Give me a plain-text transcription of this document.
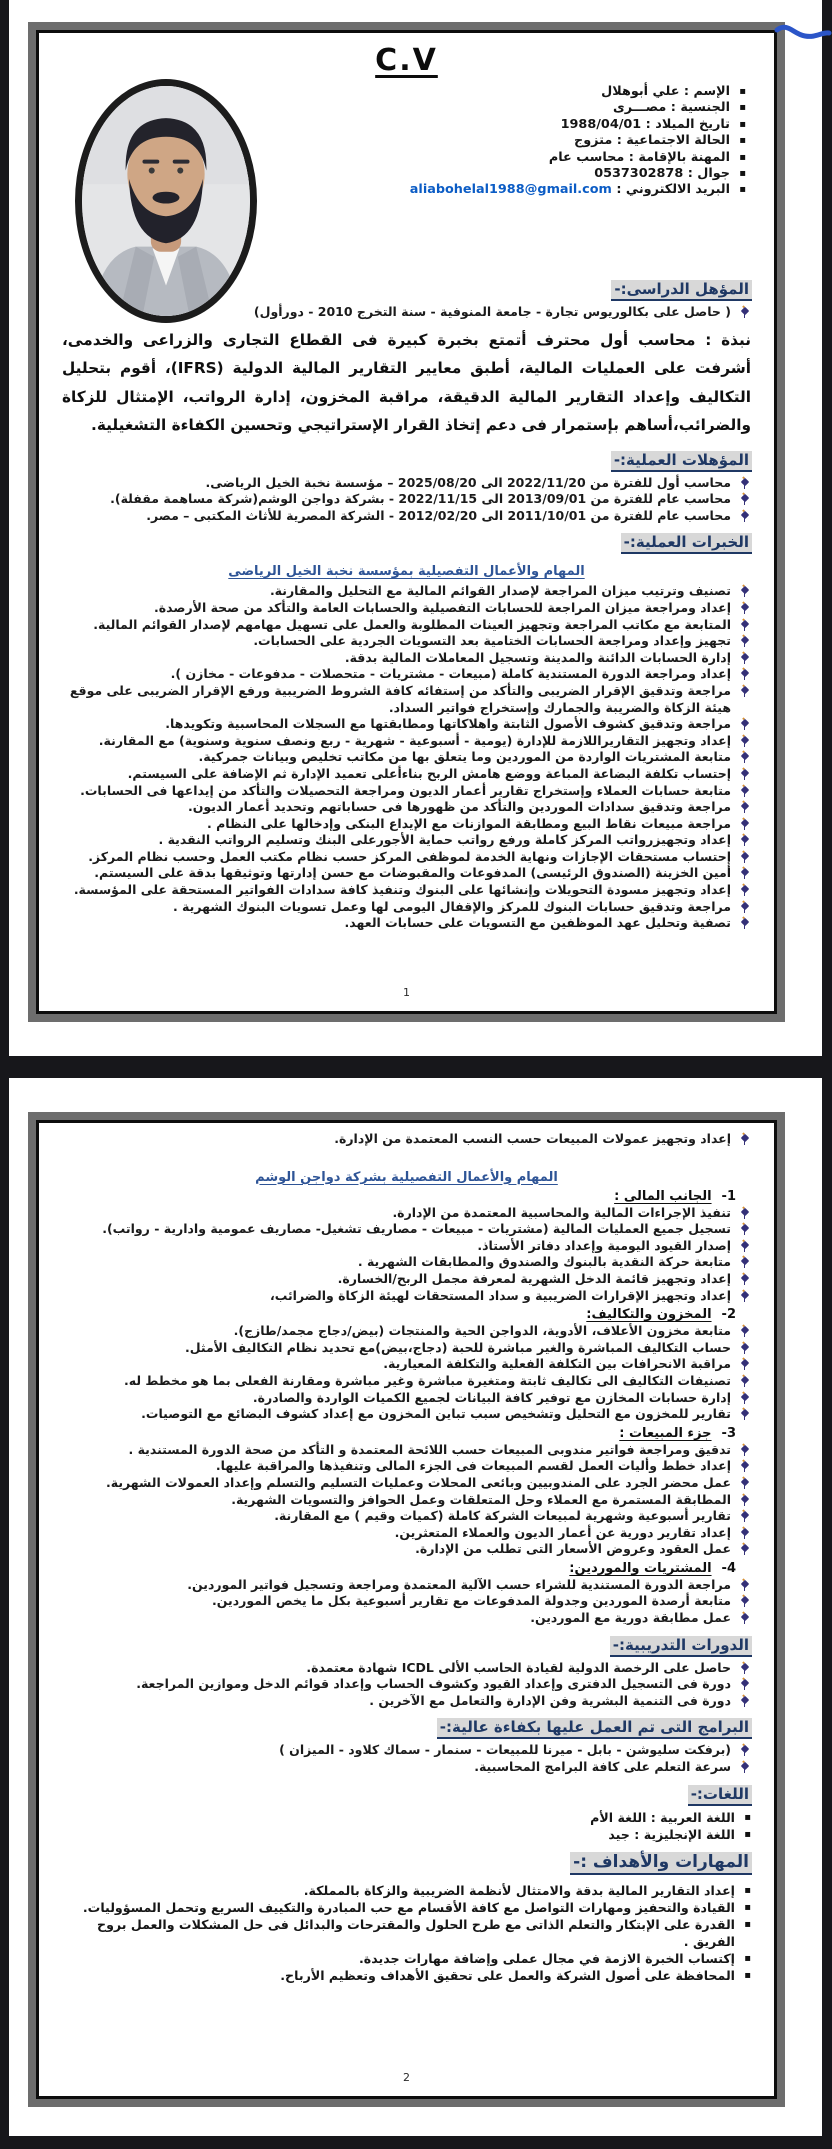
C.V
▪ الإسم : علي أبوهلال
▪ الجنسية : مصـــرى
▪ تاريخ الميلاد : 1988/04/01
▪ الحالة الاجتماعية : متزوج
▪ المهنة بالإقامة : محاسب عام
▪ جوال : 0537302878
▪ البريد الالكتروني : aliabohelal1988@gmail.com
المؤهل الدراسى:-
( حاصل على بكالوريوس تجارة - جامعة المنوفية - سنة التخرج 2010 - دورأول)

نبذة : محاسب أول محترف أتمتع بخبرة كبيرة فى القطاع التجارى والزراعى والخدمى، أشرفت على العمليات المالية، أطبق معايير التقارير المالية الدولية (IFRS)، أقوم بتحليل التكاليف وإعداد التقارير المالية الدقيقة، مراقبة المخزون، إدارة الرواتب، الإمتثال للزكاة والضرائب،أساهم بإستمرار فى دعم إتخاذ القرار الإستراتيجي وتحسين الكفاءة التشغيلية.

المؤهلات العملية:-
محاسب أول للفترة من 2022/11/20 الى 2025/08/20 – مؤسسة نخبة الخيل الرياضى.
محاسب عام للفترة من 2013/09/01 الى 2022/11/15 - بشركة دواجن الوشم(شركة مساهمة مقفلة).
محاسب عام للفترة من 2011/10/01 الى 2012/02/20 - الشركة المصرية للأثاث المكتبى – مصر.
الخبرات العملية:-
المهام والأعمال التفصيلية بمؤسسة نخبة الخيل الرياضى
تصنيف وترتيب ميزان المراجعة لإصدار القوائم المالية مع التحليل والمقارنة.
إعداد ومراجعة ميزان المراجعة للحسابات التفصيلية والحسابات العامة والتأكد من صحة الأرصدة.
المتابعة مع مكاتب المراجعة وتجهيز العينات المطلوبة والعمل على تسهيل مهامهم لإصدار القوائم المالية.
تجهيز وإعداد ومراجعة الحسابات الختامية بعد التسويات الجردية على الحسابات.
إدارة الحسابات الدائنة والمدينة وتسجيل المعاملات المالية بدقة.
إعداد ومراجعة الدورة المستندية كاملة (مبيعات - مشتريات - متحصلات - مدفوعات - مخازن ).
مراجعة وتدقيق الإقرار الضريبى والتأكد من إستفائه كافة الشروط الضريبية ورفع الإقرار الضريبى على موقع هيئة الزكاة والضريبة والجمارك وإستخراج فواتير السداد.
مراجعة وتدقيق كشوف الأصول الثابتة واهلاكاتها ومطابقتها مع السجلات المحاسبية وتكويدها.
إعداد وتجهيز التقاريراللازمة للإدارة (يومية - أسبوعية - شهرية - ربع ونصف سنوية وسنوية) مع المقارنة.
متابعة المشتريات الواردة من الموردين وما يتعلق بها من مكاتب تخليص وبيانات جمركية.
إحتساب تكلفة البضاعة المباعة ووضع هامش الربح بناءأعلى تعميد الإدارة ثم الإضافة على السيستم.
متابعة حسابات العملاء وإستخراج تقارير أعمار الديون ومراجعة التحصيلات والتأكد من إيداعها فى الحسابات.
مراجعة وتدقيق سدادات الموردين والتأكد من ظهورها فى حساباتهم وتحديد أعمار الديون.
مراجعة مبيعات نقاط البيع ومطابقة الموازنات مع الإيداع البنكى وإدخالها على النظام .
إعداد وتجهيزرواتب المركز كاملة ورفع رواتب حماية الأجورعلى البنك وتسليم الرواتب النقدية .
إحتساب مستحقات الإجازات ونهاية الخدمة لموظفى المركز حسب نظام مكتب العمل وحسب نظام المركز.
أمين الخزينة (الصندوق الرئيسى) المدفوعات والمقبوضات مع حسن إدارتها وتوثيقها بدقة على السيستم.
إعداد وتجهيز مسودة التحويلات وإنشائها على البنوك وتنفيذ كافة سدادات الفواتير المستحقة على المؤسسة.
مراجعة وتدقيق حسابات البنوك للمركز والإقفال اليومى لها وعمل تسويات البنوك الشهرية .
تصفية وتحليل عهد الموظفين مع التسويات على حسابات العهد.
1
إعداد وتجهيز عمولات المبيعات حسب النسب المعتمدة من الإدارة.
المهام والأعمال التفصيلية بشركة دواجن الوشم
1-الجانب المالى :
تنفيذ الإجراءات المالية والمحاسبية المعتمدة من الإدارة.
تسجيل جميع العمليات المالية (مشتريات - مبيعات - مصاريف تشغيل- مصاريف عمومية وادارية - رواتب).
إصدار القيود اليومية وإعداد دفاتر الأستاذ.
متابعة حركة النقدية بالبنوك والصندوق والمطابقات الشهرية .
إعداد وتجهيز قائمة الدخل الشهرية لمعرفة مجمل الربح/الخسارة.
إعداد وتجهيز الإقرارات الضريبية و سداد المستحقات لهيئة الزكاة والضرائب،
2-المخزون والتكاليف:
متابعة مخزون الأعلاف، الأدوية، الدواجن الحية والمنتجات (بيض/دجاج مجمد/طازج).
حساب التكاليف المباشرة والغير مباشرة للحبة (دجاج،بيض)مع تحديد نظام التكاليف الأمثل.
مراقبة الانحرافات بين التكلفة الفعلية والتكلفة المعيارية.
تصنيفات التكاليف الى تكاليف ثابتة ومتغيرة مباشرة وغير مباشرة ومقارنة الفعلى بما هو مخطط له.
إدارة حسابات المخازن مع توفير كافة البيانات لجميع الكميات الواردة والصادرة.
تقارير للمخزون مع التحليل وتشخيص سبب تباين المخزون مع إعداد كشوف البضائع مع التوصيات.
3-جزء المبيعات :
تدقيق ومراجعة فواتير مندوبى المبيعات حسب اللائحة المعتمدة و التأكد من صحة الدورة المستندية .
إعداد خطط وأليات العمل لقسم المبيعات فى الجزء المالى وتنفيذها والمراقبة عليها.
عمل محضر الجرد على المندوبيين وبائعى المحلات وعمليات التسليم والتسلم وإعداد العمولات الشهرية.
المطابقة المستمرة مع العملاء وحل المتعلقات وعمل الحوافز والتسويات الشهرية.
تقارير أسبوعية وشهرية لمبيعات الشركة كاملة (كميات وقيم ) مع المقارنة.
إعداد تقارير دورية عن أعمار الديون والعملاء المتعثرين.
عمل العقود وعروض الأسعار التى تطلب من الإدارة.
4-المشتريات والموردين:
مراجعة الدورة المستندية للشراء حسب الآلية المعتمدة ومراجعة وتسجيل فواتير الموردين.
متابعة أرصدة الموردين وجدولة المدفوعات مع تقارير أسبوعية بكل ما يخص الموردين.
عمل مطابقة دورية مع الموردين.
الدورات التدريبية:-
حاصل على الرخصة الدولية لقيادة الحاسب الألى ICDL شهادة معتمدة.
دورة فى التسجيل الدفترى وإعداد القيود وكشوف الحساب وإعداد قوائم الدخل وموازين المراجعة.
دورة فى التنمية البشرية وفن الإدارة والتعامل مع الآخرين .
البرامج التى تم العمل عليها بكفاءة عالية:-
(برفكت سليوشن - بابل - ميرنا للمبيعات - سنمار - سماك كلاود - الميزان )
سرعة التعلم على كافة البرامج المحاسبية.
اللغات:-
▪ اللغة العربية : اللغة الأم
▪ اللغة الإنجليزية : جيد
المهارات والأهداف :-
▪ إعداد التقارير المالية بدقة والامتثال لأنظمة الضريبية والزكاة بالمملكة.
▪ القيادة والتحفيز ومهارات التواصل مع كافة الأقسام مع حب المبادرة والتكييف السريع وتحمل المسؤوليات.
▪ القدرة على الإبتكار والتعلم الذاتى مع طرح الحلول والمقترحات والبدائل فى حل المشكلات والعمل بروح الفريق .
▪ إكتساب الخبرة الازمة في مجال عملى وإضافة مهارات جديدة.
▪ المحافظة على أصول الشركة والعمل على تحقيق الأهداف وتعظيم الأرباح.
2
